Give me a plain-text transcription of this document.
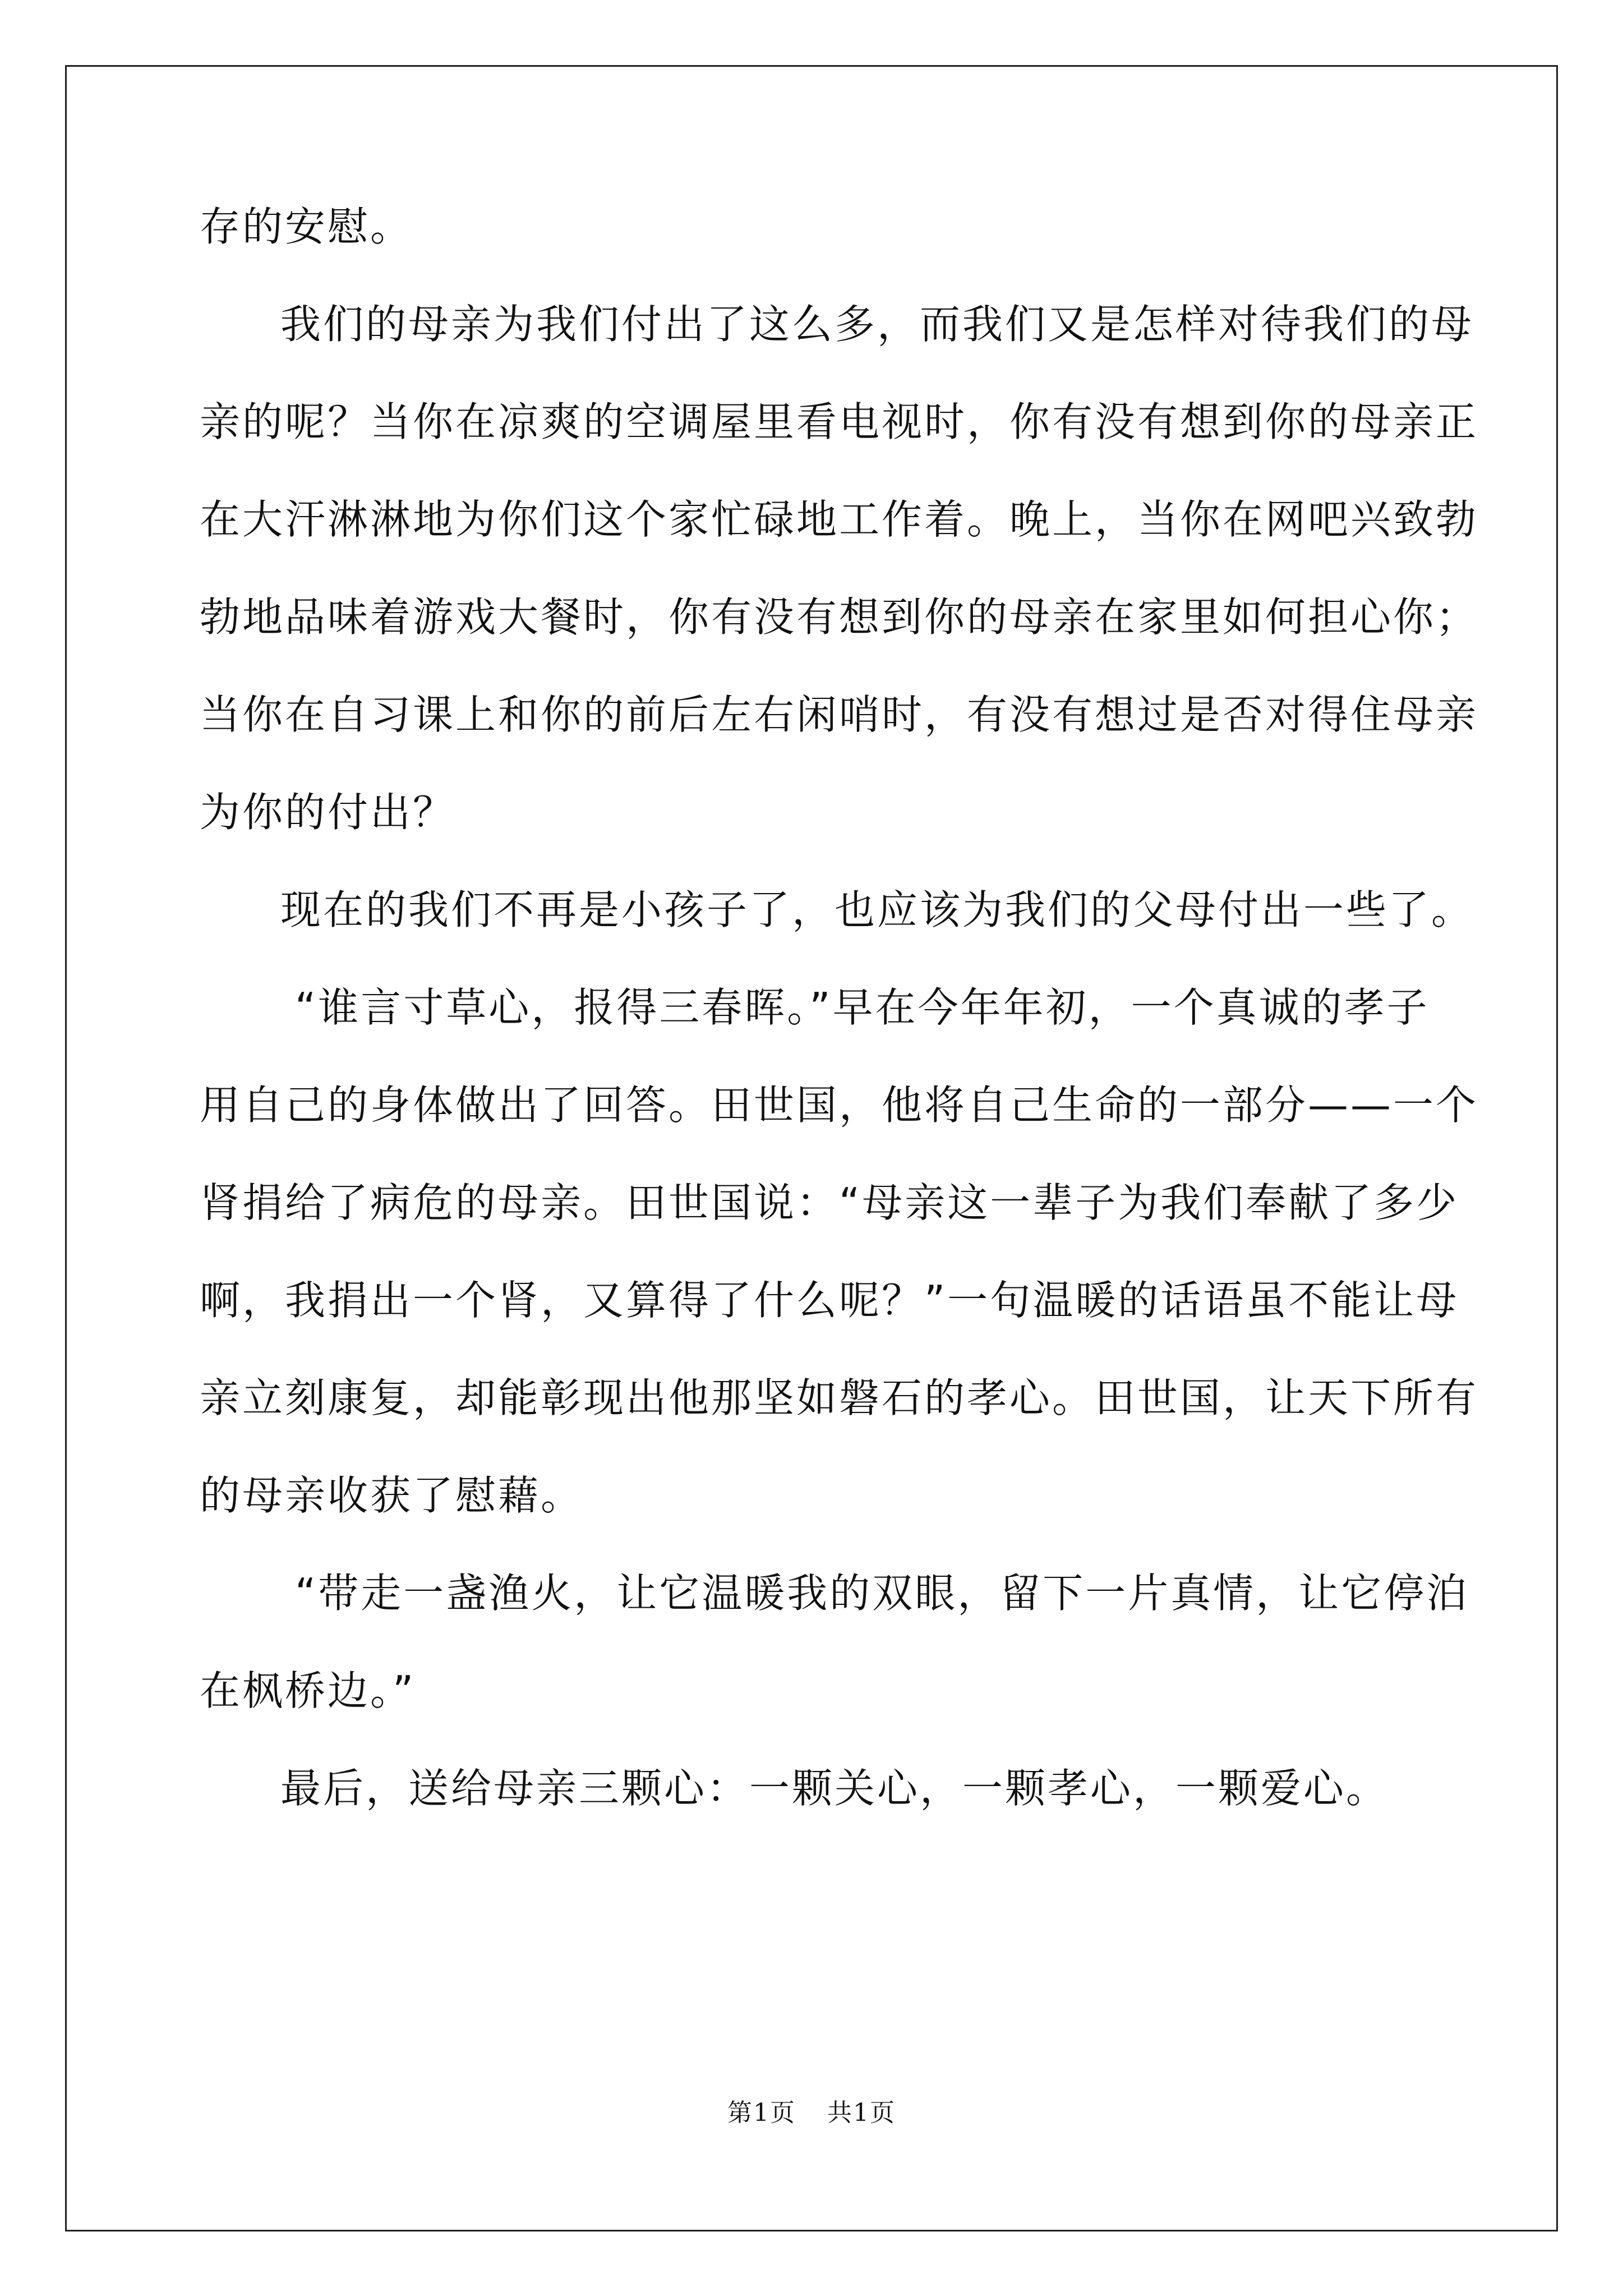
存的安慰。
我们的母亲为我们付出了这么多，而我们又是怎样对待我们的母
亲的呢？当你在凉爽的空调屋里看电视时，你有没有想到你的母亲正
在大汗淋淋地为你们这个家忙碌地工作着。晚上，当你在网吧兴致勃
勃地品味着游戏大餐时，你有没有想到你的母亲在家里如何担心你；
当你在自习课上和你的前后左右闲哨时，有没有想过是否对得住母亲
为你的付出？
现在的我们不再是小孩子了，也应该为我们的父母付出一些了。
“谁言寸草心，报得三春晖。”早在今年年初，一个真诚的孝子
用自己的身体做出了回答。田世国，他将自己生命的一部分——一个
肾捐给了病危的母亲。田世国说：“母亲这一辈子为我们奉献了多少
啊，我捐出一个肾，又算得了什么呢？”一句温暖的话语虽不能让母
亲立刻康复，却能彰现出他那坚如磐石的孝心。田世国，让天下所有
的母亲收获了慰藉。
“带走一盏渔火，让它温暖我的双眼，留下一片真情，让它停泊
在枫桥边。”
最后，送给母亲三颗心：一颗关心，一颗孝心，一颗爱心。
第1页 共1页
